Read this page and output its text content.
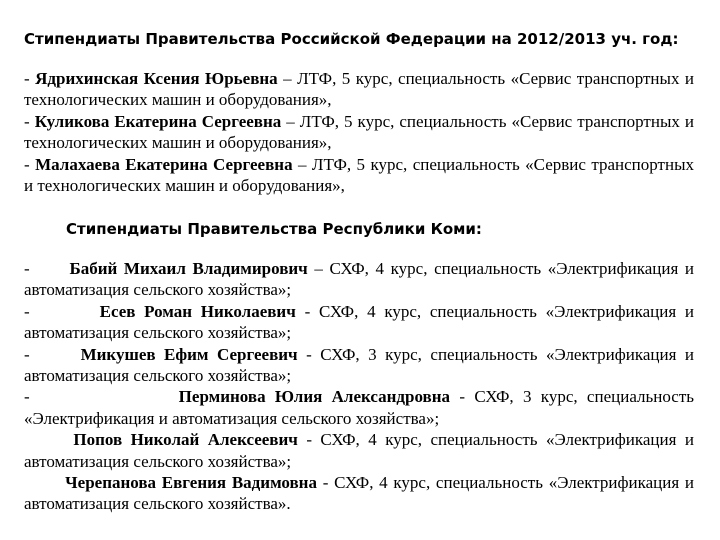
Стипендиаты Правительства Российской Федерации на 2012/2013 уч. год:
- Ядрихинская Ксения Юрьевна – ЛТФ, 5 курс, специальность «Сервис транспортных и технологических машин и оборудования»,
- Куликова Екатерина Сергеевна – ЛТФ, 5 курс, специальность «Сервис транспортных и технологических машин и оборудования»,
- Малахаева Екатерина Сергеевна – ЛТФ, 5 курс, специальность «Сервис транспортных и технологических машин и оборудования»,
Стипендиаты Правительства Республики Коми:
- Бабий Михаил Владимирович – СХФ, 4 курс, специальность «Электрификация и автоматизация сельского хозяйства»;
-	Есев Роман Николаевич - СХФ, 4 курс, специальность «Электрификация и автоматизация сельского хозяйства»;
-	Микушев Ефим Сергеевич - СХФ, 3 курс, специальность «Электрификация и автоматизация сельского хозяйства»;
-	Перминова Юлия Александровна - СХФ, 3 курс, специальность «Электрификация и автоматизация сельского хозяйства»;
Попов Николай Алексеевич - СХФ, 4 курс, специальность «Электрификация и автоматизация сельского хозяйства»;
Черепанова Евгения Вадимовна - СХФ, 4 курс, специальность «Электрификация и автоматизация сельского хозяйства».
